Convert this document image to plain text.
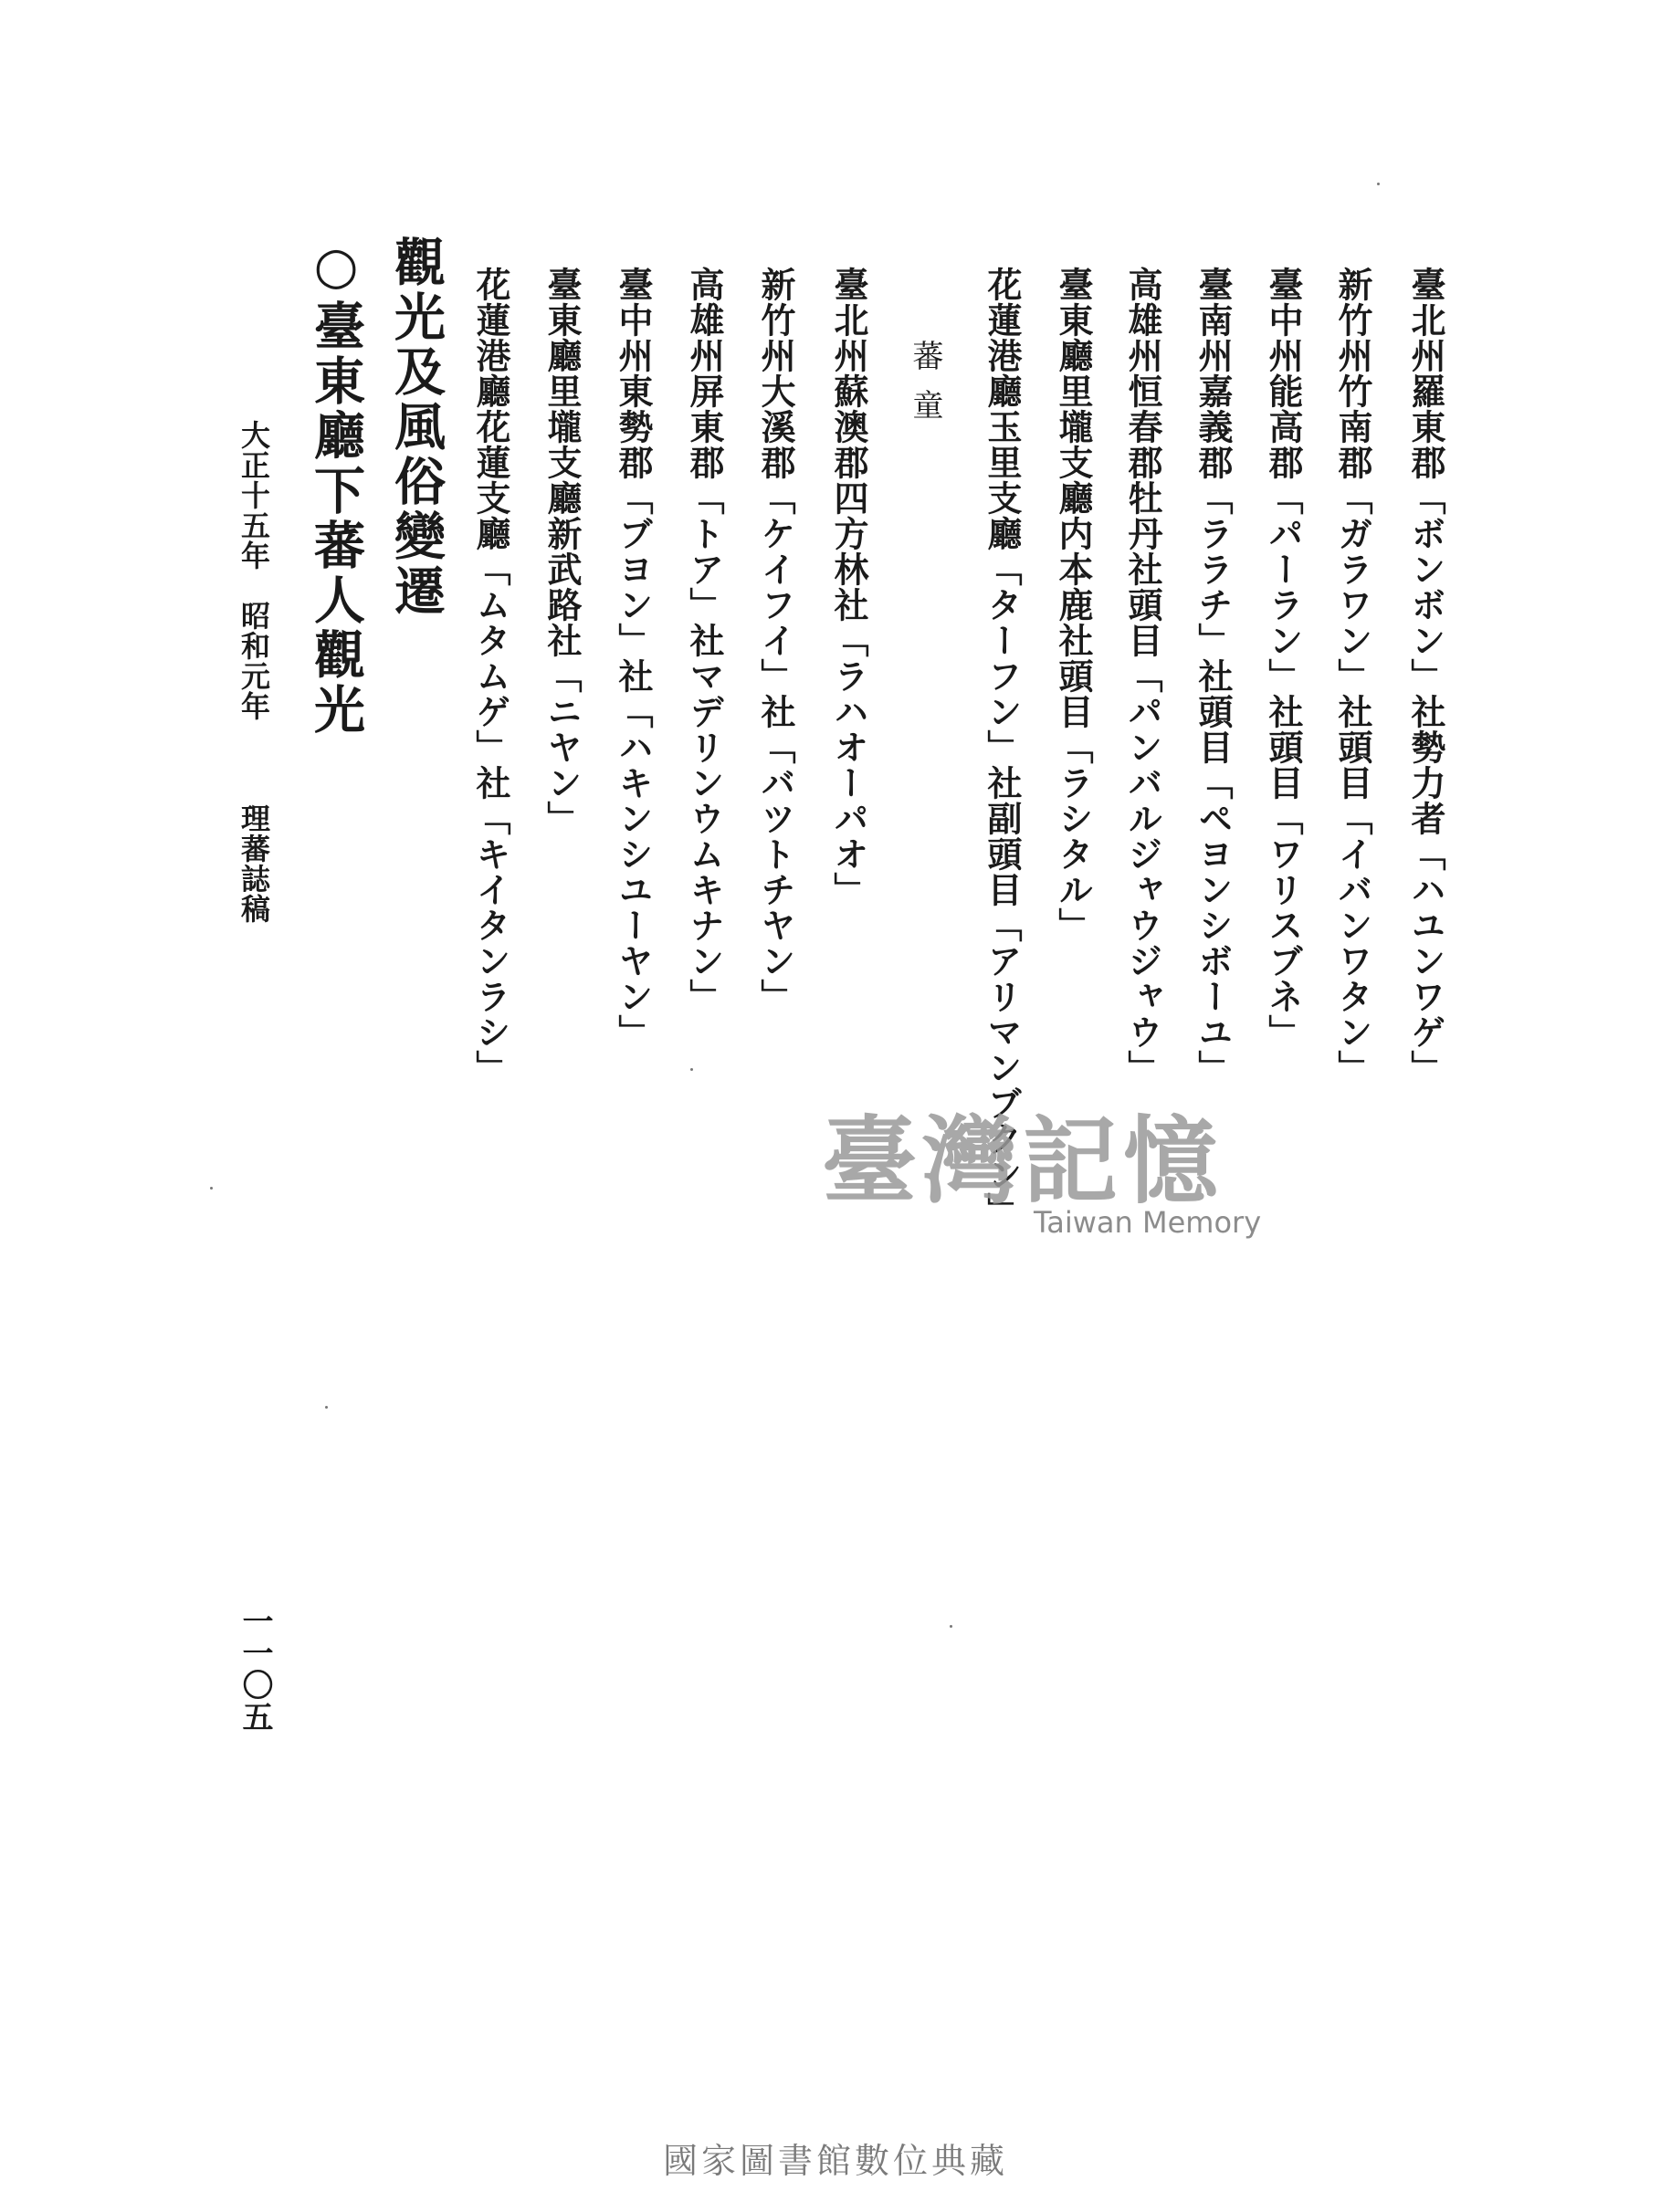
臺北州羅東郡「ボンボン」社勢力者「ハユンワゲ」
新竹州竹南郡「ガラワン」社頭目「イバンワタン」
臺中州能高郡「パーラン」社頭目「ワリスブネ」
臺南州嘉義郡「ララチ」社頭目「ペヨンシボーユ」
高雄州恒春郡牡丹社頭目「パンバルジャウジャウ」
臺東廳里壠支廳内本鹿社頭目「ラシタル」
花蓮港廳玉里支廳「ターフン」社副頭目「アリマンブクン」
蕃童
臺北州蘇澳郡四方林社「ラハオーパオ」
新竹州大溪郡「ケイフイ」社「バツトチヤン」
高雄州屏東郡「トア」社マデリンウムキナン」
臺中州東勢郡「ブヨン」社「ハキンシユーヤン」
臺東廳里壠支廳新武路社「ニヤン」
花蓮港廳花蓮支廳「ムタムゲ」社「キイタンラシ」
觀光及風俗變遷
○臺東廳下蕃人觀光
大正十五年　昭和元年
理蕃誌稿
一一〇五
臺灣記憶
Taiwan Memory
國家圖書館數位典藏
